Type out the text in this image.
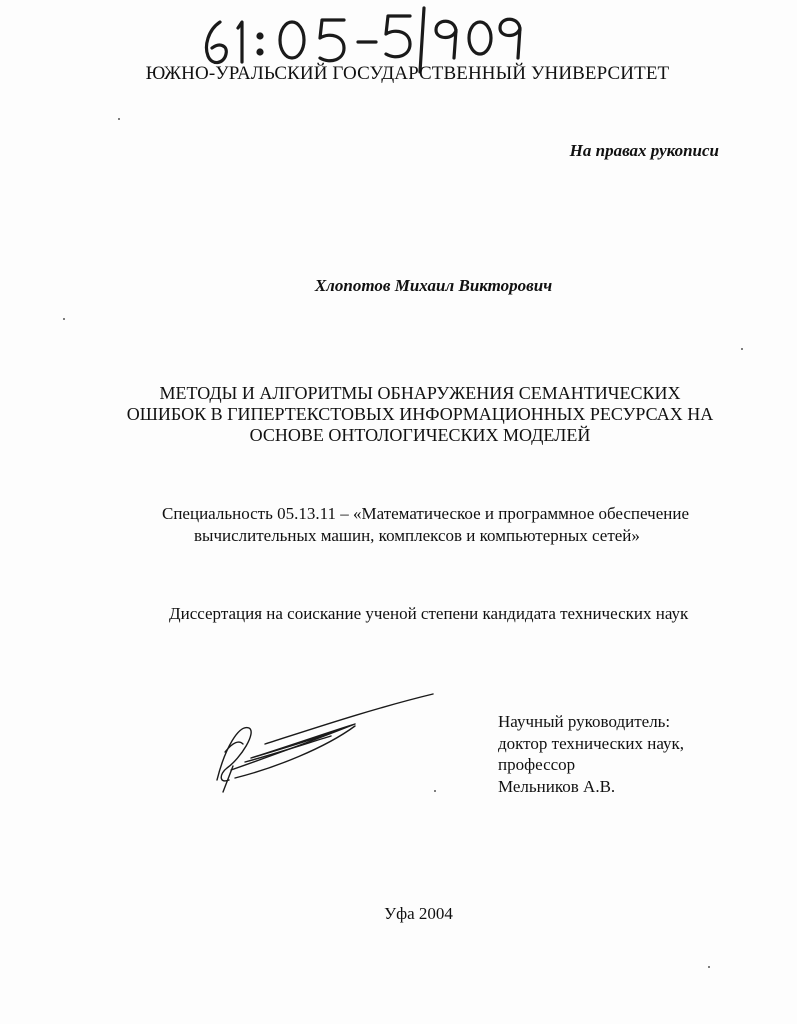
ЮЖНО-УРАЛЬСКИЙ ГОСУДАРСТВЕННЫЙ УНИВЕРСИТЕТ
На правах рукописи
Хлопотов Михаил Викторович
МЕТОДЫ И АЛГОРИТМЫ ОБНАРУЖЕНИЯ СЕМАНТИЧЕСКИХ
ОШИБОК В ГИПЕРТЕКСТОВЫХ ИНФОРМАЦИОННЫХ РЕСУРСАХ НА
ОСНОВЕ ОНТОЛОГИЧЕСКИХ МОДЕЛЕЙ
Специальность 05.13.11 – «Математическое и программное обеспечение
вычислительных машин, комплексов и компьютерных сетей»
Диссертация на соискание ученой степени кандидата технических наук
Научный руководитель:
доктор технических наук,
профессор
Мельников А.В.
Уфа 2004
